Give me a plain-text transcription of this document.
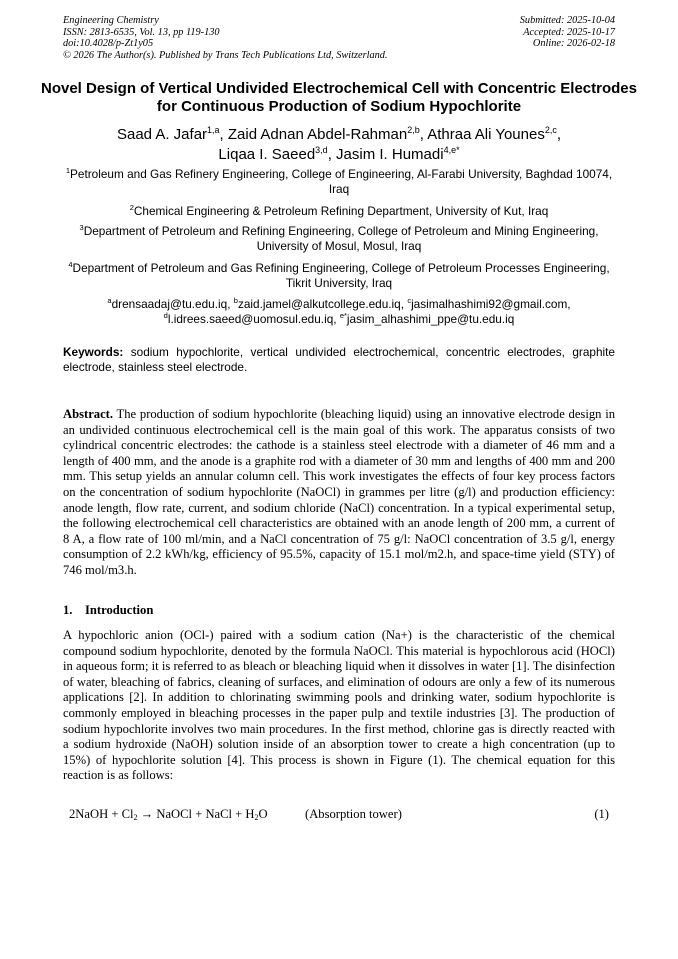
Engineering Chemistry
ISSN: 2813-6535, Vol. 13, pp 119-130
doi:10.4028/p-Zt1y05
© 2026 The Author(s). Published by Trans Tech Publications Ltd, Switzerland.
Submitted: 2025-10-04
Accepted: 2025-10-17
Online: 2026-02-18
Novel Design of Vertical Undivided Electrochemical Cell with Concentric Electrodes for Continuous Production of Sodium Hypochlorite
Saad A. Jafar$^{1,a}$, Zaid Adnan Abdel-Rahman$^{2,b}$, Athraa Ali Younes$^{2,c}$,
Liqaa I. Saeed$^{3,d}$, Jasim I. Humadi$^{4,e*}$
$^1$Petroleum and Gas Refinery Engineering, College of Engineering, Al-Farabi University, Baghdad 10074, Iraq
$^2$Chemical Engineering & Petroleum Refining Department, University of Kut, Iraq
$^3$Department of Petroleum and Refining Engineering, College of Petroleum and Mining Engineering, University of Mosul, Mosul, Iraq
$^4$Department of Petroleum and Gas Refining Engineering, College of Petroleum Processes Engineering, Tikrit University, Iraq
$^a$drensaadaj@tu.edu.iq, $^b$zaid.jamel@alkutcollege.edu.iq, $^c$jasimalhashimi92@gmail.com,
$^d$l.idrees.saeed@uomosul.edu.iq, $^{e*}$jasim_alhashimi_ppe@tu.edu.iq
Keywords: sodium hypochlorite, vertical undivided electrochemical, concentric electrodes, graphite electrode, stainless steel electrode.
Abstract. The production of sodium hypochlorite (bleaching liquid) using an innovative electrode design in an undivided continuous electrochemical cell is the main goal of this work. The apparatus consists of two cylindrical concentric electrodes: the cathode is a stainless steel electrode with a diameter of 46 mm and a length of 400 mm, and the anode is a graphite rod with a diameter of 30 mm and lengths of 400 mm and 200 mm. This setup yields an annular column cell. This work investigates the effects of four key process factors on the concentration of sodium hypochlorite (NaOCl) in grammes per litre (g/l) and production efficiency: anode length, flow rate, current, and sodium chloride (NaCl) concentration. In a typical experimental setup, the following electrochemical cell characteristics are obtained with an anode length of 200 mm, a current of 8 A, a flow rate of 100 ml/min, and a NaCl concentration of 75 g/l: NaOCl concentration of 3.5 g/l, energy consumption of 2.2 kWh/kg, efficiency of 95.5%, capacity of 15.1 mol/m2.h, and space-time yield (STY) of 746 mol/m3.h.
1. Introduction
A hypochloric anion (OCl-) paired with a sodium cation (Na+) is the characteristic of the chemical compound sodium hypochlorite, denoted by the formula NaOCl. This material is hypochlorous acid (HOCl) in aqueous form; it is referred to as bleach or bleaching liquid when it dissolves in water [1]. The disinfection of water, bleaching of fabrics, cleaning of surfaces, and elimination of odours are only a few of its numerous applications [2]. In addition to chlorinating swimming pools and drinking water, sodium hypochlorite is commonly employed in bleaching processes in the paper pulp and textile industries [3]. The production of sodium hypochlorite involves two main procedures. In the first method, chlorine gas is directly reacted with a sodium hydroxide (NaOH) solution inside of an absorption tower to create a high concentration (up to 15%) of hypochlorite solution [4]. This process is shown in Figure (1). The chemical equation for this reaction is as follows:
2NaOH + $Cl_2$ → NaOCl + NaCl + $H_2O$	(Absorption tower)	(1)
